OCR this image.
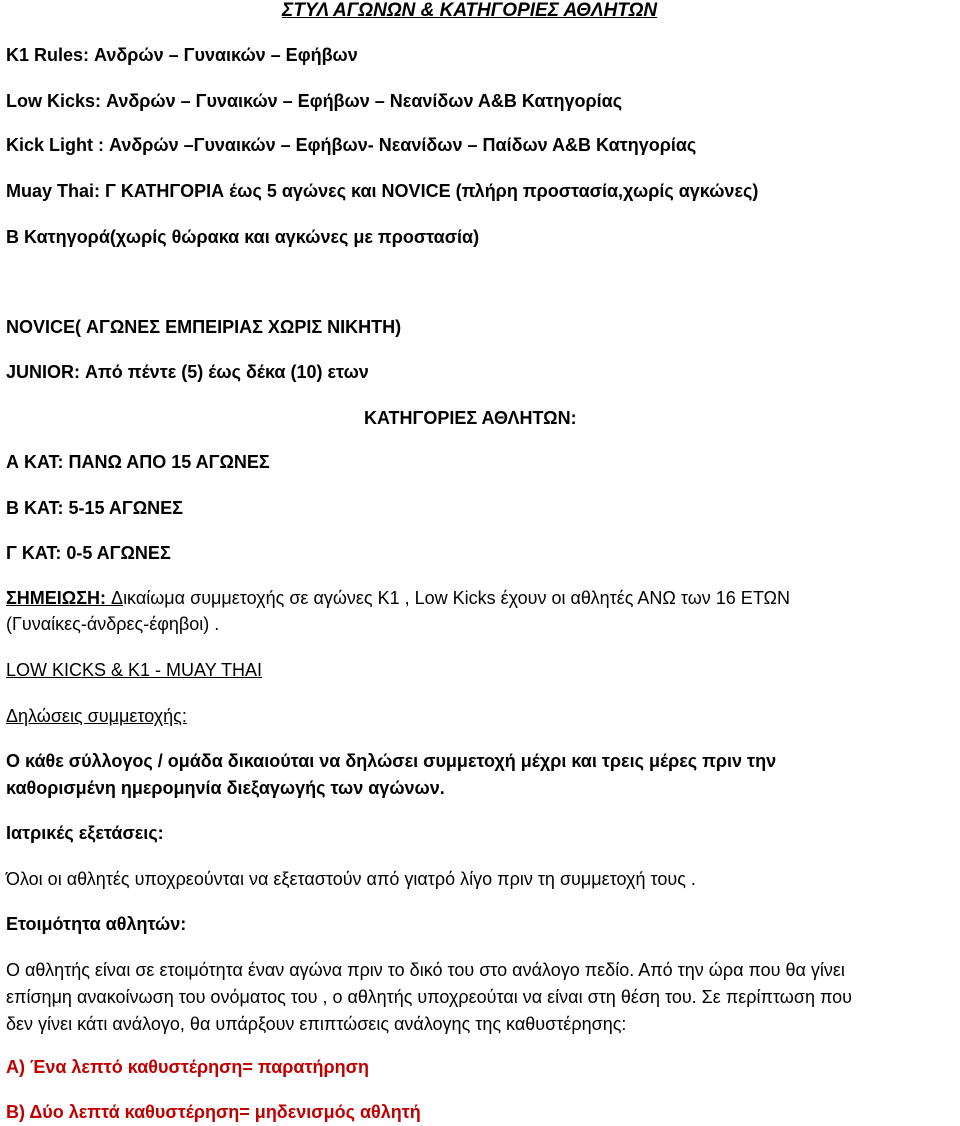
ΣΤΥΛ ΑΓΩΝΩΝ & ΚΑΤΗΓΟΡΙΕΣ ΑΘΛΗΤΩΝ
K1 Rules: Ανδρών – Γυναικών – Εφήβων
Low Kicks: Ανδρών – Γυναικών – Εφήβων – Νεανίδων Α&Β Κατηγορίας
Kick Light : Ανδρών –Γυναικών – Εφήβων- Νεανίδων – Παίδων Α&Β Κατηγορίας
Muay Thai: Γ ΚΑΤΗΓΟΡΙΑ έως 5 αγώνες και NOVICE (πλήρη προστασία,χωρίς αγκώνες)
B Κατηγορά(χωρίς θώρακα και αγκώνες με προστασία)
NOVICE( ΑΓΩΝΕΣ ΕΜΠΕΙΡΙΑΣ ΧΩΡΙΣ ΝΙΚΗΤΗ)
JUNIOR: Από πέντε (5) έως δέκα (10) ετων
ΚΑΤΗΓΟΡΙΕΣ ΑΘΛΗΤΩΝ:
Α ΚΑΤ: ΠΑΝΩ ΑΠΟ 15 ΑΓΩΝΕΣ
Β ΚΑΤ: 5-15 ΑΓΩΝΕΣ
Γ ΚΑΤ: 0-5 ΑΓΩΝΕΣ
ΣΗΜΕΙΩΣΗ: Δικαίωμα συμμετοχής σε αγώνες Κ1 , Low Kicks έχουν οι αθλητές ΑΝΩ των 16 ΕΤΩΝ
(Γυναίκες-άνδρες-έφηβοι) .
LOW KICKS & K1 - MUAY THAI
Δηλώσεις συμμετοχής:
Ο κάθε σύλλογος / ομάδα δικαιούται να δηλώσει συμμετοχή μέχρι και τρεις μέρες πριν την
καθορισμένη ημερομηνία διεξαγωγής των αγώνων.
Ιατρικές εξετάσεις:
Όλοι οι αθλητές υποχρεούνται να εξεταστούν από γιατρό λίγο πριν τη συμμετοχή τους .
Ετοιμότητα αθλητών:
Ο αθλητής είναι σε ετοιμότητα έναν αγώνα πριν το δικό του στο ανάλογο πεδίο. Από την ώρα που θα γίνει
επίσημη ανακοίνωση του ονόματος του , ο αθλητής υποχρεούται να είναι στη θέση του. Σε περίπτωση που
δεν γίνει κάτι ανάλογο, θα υπάρξουν επιπτώσεις ανάλογης της καθυστέρησης:
Α) Ένα λεπτό καθυστέρηση= παρατήρηση
Β) Δύο λεπτά καθυστέρηση= μηδενισμός αθλητή
